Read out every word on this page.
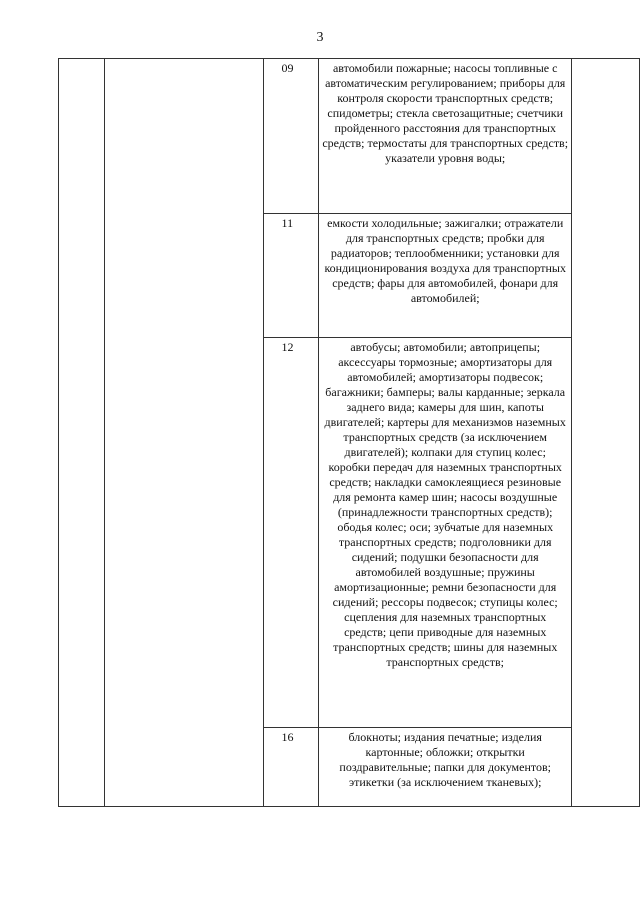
3
		09	автомобили пожарные; насосы топливные с автоматическим регулированием; приборы для контроля скорости транспортных средств; спидометры; стекла светозащитные; счетчики пройденного расстояния для транспортных средств; термостаты для транспортных средств; указатели уровня воды;	
		11	емкости холодильные; зажигалки; отражатели для транспортных средств; пробки для радиаторов; теплообменники; установки для кондиционирования воздуха для транспортных средств; фары для автомобилей, фонари для автомобилей;	
		12	автобусы; автомобили; автоприцепы; аксессуары тормозные; амортизаторы для автомобилей; амортизаторы подвесок; багажники; бамперы; валы карданные; зеркала заднего вида; камеры для шин, капоты двигателей; картеры для механизмов наземных транспортных средств (за исключением двигателей); колпаки для ступиц колес; коробки передач для наземных транспортных средств; накладки самоклеящиеся резиновые для ремонта камер шин; насосы воздушные (принадлежности транспортных средств); ободья колес; оси; зубчатые для наземных транспортных средств; подголовники для сидений; подушки безопасности для автомобилей воздушные; пружины амортизационные; ремни безопасности для сидений; рессоры подвесок; ступицы колес; сцепления для наземных транспортных средств; цепи приводные для наземных транспортных средств; шины для наземных транспортных средств;	
		16	блокноты; издания печатные; изделия картонные; обложки; открытки поздравительные; папки для документов; этикетки (за исключением тканевых);	
